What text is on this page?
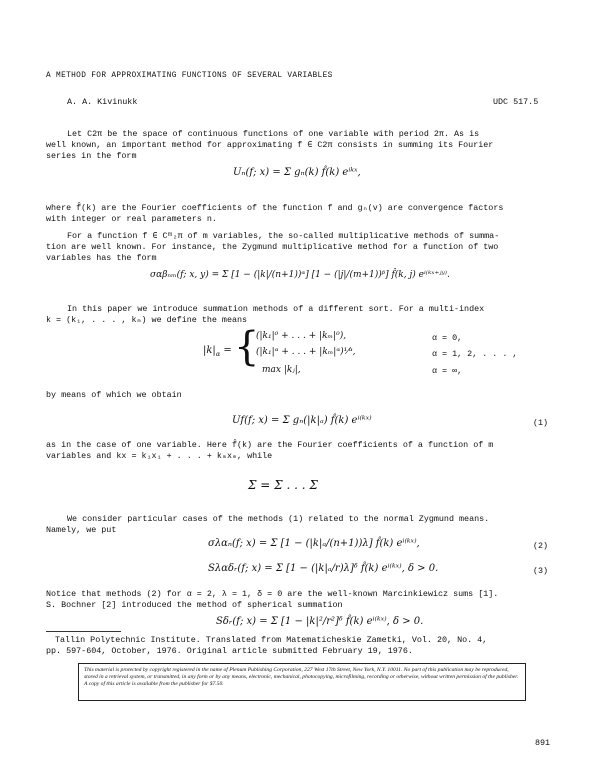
A METHOD FOR APPROXIMATING FUNCTIONS OF SEVERAL VARIABLES
A. A. Kivinukk	UDC 517.5
Let C2π be the space of continuous functions of one variable with period 2π. As is
well known, an important method for approximating f ∈ C2π consists in summing its Fourier
series in the form
Uₙ(f; x) = Σ gₙ(k) f̂(k) eⁱᵏˣ,
where f̂(k) are the Fourier coefficients of the function f and gₙ(v) are convergence factors
with integer or real parameters n.
For a function f ∈ Cᵐ₂π of m variables, the so-called multiplicative methods of summa-
tion are well known. For instance, the Zygmund multiplicative method for a function of two
variables has the form
σαβₙₘ(f; x, y) = Σ [1 − (|k|/(n+1))ᵅ] [1 − (|j|/(m+1))ᵝ] f̂(k, j) eⁱ⁽ᵏˣ⁺ʲʸ⁾.
In this paper we introduce summation methods of a different sort. For a multi-index
k = (k₁, . . . , kₘ) we define the means
$|k|_\alpha$ = {
(|k₁|⁰ + . . . + |kₘ|⁰),	α = 0,
(|k₁|ᵅ + . . . + |kₘ|ᵅ)¹⁄ᵅ,	α = 1, 2, . . . ,
max |kⱼ|,	α = ∞,
by means of which we obtain
Uf(f; x) = Σ gₙ(|k|ₐ) f̂(k) eⁱ⁽ᵏˣ⁾	(1)
as in the case of one variable. Here f̂(k) are the Fourier coefficients of a function of m
variables and kx = k₁x₁ + . . . + kₘxₘ, while
Σ = Σ . . . Σ
We consider particular cases of the methods (1) related to the normal Zygmund means.
Namely, we put
σλαₙ(f; x) = Σ [1 − (|k|ₐ/(n+1))λ] f̂(k) eⁱ⁽ᵏˣ⁾,	(2)
Sλαδᵣ(f; x) = Σ [1 − (|k|ₐ/r)λ]ᵟ f̂(k) eⁱ⁽ᵏˣ⁾, δ > 0.	(3)
Notice that methods (2) for α = 2, λ = 1, δ = 0 are the well-known Marcinkiewicz sums [1].
S. Bochner [2] introduced the method of spherical summation
Sδᵣ(f; x) = Σ [1 − |k|²/r²]ᵟ f̂(k) eⁱ⁽ᵏˣ⁾, δ > 0.
Tallin Polytechnic Institute. Translated from Matematicheskie Zametki, Vol. 20, No. 4,
pp. 597-604, October, 1976. Original article submitted February 19, 1976.
This material is protected by copyright registered in the name of Plenum Publishing Corporation, 227 West 17th Street, New York, N.Y. 10011. No part of this publication may be reproduced, stored in a retrieval system, or transmitted, in any form or by any means, electronic, mechanical, photocopying, microfilming, recording or otherwise, without written permission of the publisher. A copy of this article is available from the publisher for $7.50.
891
